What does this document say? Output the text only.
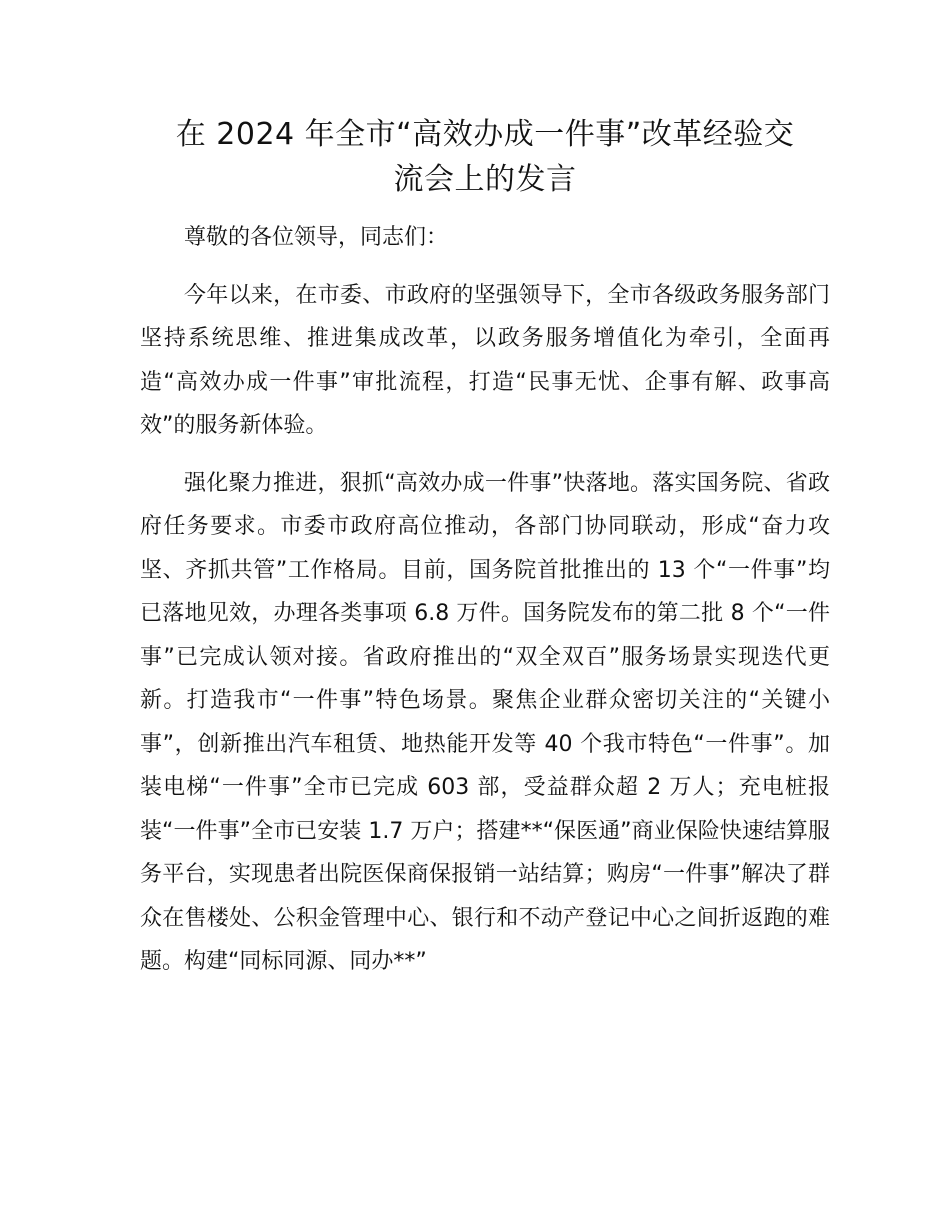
在 2024 年全市“高效办成一件事”改革经验交
流会上的发言

尊敬的各位领导，同志们：

今年以来，在市委、市政府的坚强领导下，全市各级政务服务部门坚持系统思维、推进集成改革，以政务服务增值化为牵引，全面再造“高效办成一件事”审批流程，打造“民事无忧、企事有解、政事高效”的服务新体验。

强化聚力推进，狠抓“高效办成一件事”快落地。落实国务院、省政府任务要求。市委市政府高位推动，各部门协同联动，形成“奋力攻坚、齐抓共管”工作格局。目前，国务院首批推出的 13 个“一件事”均已落地见效，办理各类事项 6.8 万件。国务院发布的第二批 8 个“一件事”已完成认领对接。省政府推出的“双全双百”服务场景实现迭代更新。打造我市“一件事”特色场景。聚焦企业群众密切关注的“关键小事”，创新推出汽车租赁、地热能开发等 40 个我市特色“一件事”。加装电梯“一件事”全市已完成 603 部，受益群众超 2 万人；充电桩报装“一件事”全市已安装 1.7 万户；搭建**“保医通”商业保险快速结算服务平台，实现患者出院医保商保报销一站结算；购房“一件事”解决了群众在售楼处、公积金管理中心、银行和不动产登记中心之间折返跑的难题。构建“同标同源、同办**”
